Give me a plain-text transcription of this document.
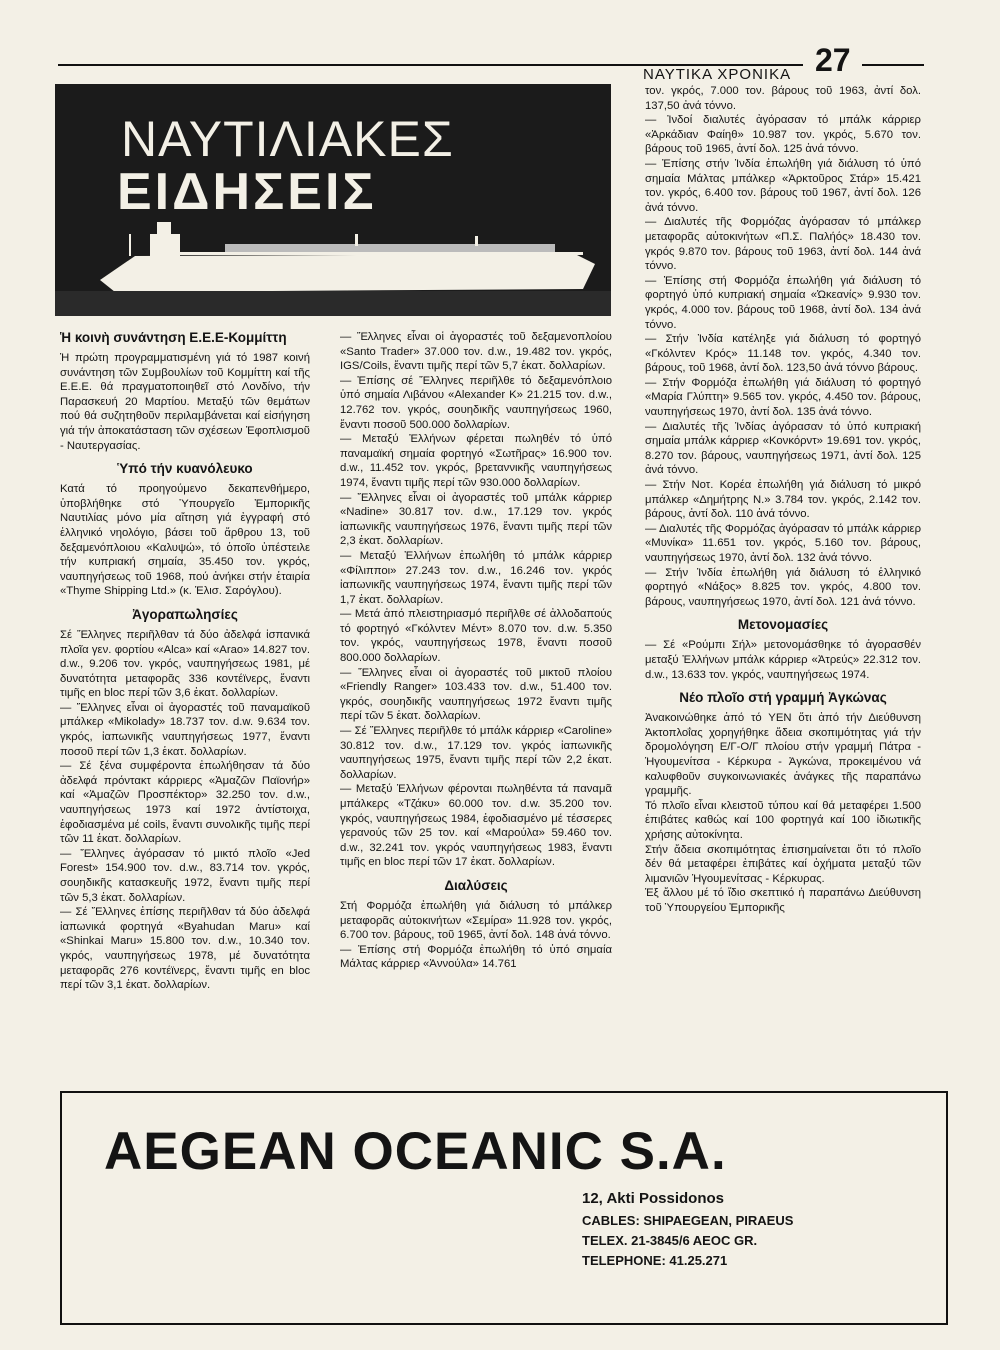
ΝΑΥΤΙΚΑ ΧΡΟΝΙΚΑ 27
ΝΑΥΤΙΛΙΑΚΕΣ
ΕΙΔΗΣΕΙΣ
Ἡ κοινὴ συνάντηση Ε.Ε.Ε-Κομμίττη

Ἡ πρώτη προγραμματισμένη γιά τό 1987 κοινή συνάντηση τῶν Συμβουλίων τοῦ Κομμίττη καί τῆς Ε.Ε.Ε. θά πραγματοποιηθεῖ στό Λονδίνο, τήν Παρασκευή 20 Μαρτίου. Μεταξύ τῶν θεμάτων πού θά συζητηθοῦν περιλαμβάνεται καί εἰσήγηση γιά τήν ἀποκατάσταση τῶν σχέσεων Ἐφοπλισμοῦ - Ναυτεργασίας.

Ὑπό τήν κυανόλευκο

Κατά τό προηγούμενο δεκαπενθήμερο, ὑποβλήθηκε στό Ὑπουργεῖο Ἐμπορικῆς Ναυτιλίας μόνο μία αἴτηση γιά ἐγγραφή στό ἑλληνικό νηολόγιο, βάσει τοῦ ἄρθρου 13, τοῦ δεξαμενόπλοιου «Καλυψώ», τό ὁποῖο ὑπέστειλε τήν κυπριακή σημαία, 35.450 τον. γκρός, ναυπηγήσεως τοῦ 1968, πού ἀνήκει στήν ἑταιρία «Thyme Shipping Ltd.» (κ. Ἐλισ. Σαρόγλου).

Ἀγοραπωλησίες

Σέ Ἕλληνες περιῆλθαν τά δύο ἀδελφά ἱσπανικά πλοῖα γεν. φορτίου «Alca» καί «Arao» 14.827 τον. d.w., 9.206 τον. γκρός, ναυπηγήσεως 1981, μέ δυνατότητα μεταφορᾶς 336 κοντέϊνερς, ἔναντι τιμῆς en bloc περί τῶν 3,6 ἑκατ. δολλαρίων.

— Ἕλληνες εἶναι οἱ ἀγοραστές τοῦ παναμαϊκοῦ μπάλκερ «Mikolady» 18.737 τον. d.w. 9.634 τον. γκρός, ἰαπωνικῆς ναυπηγήσεως 1977, ἔναντι ποσοῦ περί τῶν 1,3 ἑκατ. δολλαρίων.

— Σέ ξένα συμφέροντα ἐπωλήθησαν τά δύο ἀδελφά πρόντακτ κάρριερς «Ἀμαζῶν Παϊονήρ» καί «Ἀμαζῶν Προσπέκτορ» 32.250 τον. d.w., ναυπηγήσεως 1973 καί 1972 ἀντίστοιχα, ἐφοδιασμένα μέ coils, ἔναντι συνολικῆς τιμῆς περί τῶν 11 ἑκατ. δολλαρίων.

— Ἕλληνες ἀγόρασαν τό μικτό πλοῖο «Jed Forest» 154.900 τον. d.w., 83.714 τον. γκρός, σουηδικῆς κατασκευῆς 1972, ἔναντι τιμῆς περί τῶν 5,3 ἑκατ. δολλαρίων.

— Σέ Ἕλληνες ἐπίσης περιῆλθαν τά δύο ἀδελφά ἰαπωνικά φορτηγά «Byahudan Maru» καί «Shinkai Maru» 15.800 τον. d.w., 10.340 τον. γκρός, ναυπηγήσεως 1978, μέ δυνατότητα μεταφορᾶς 276 κοντέϊνερς, ἔναντι τιμῆς en bloc περί τῶν 3,1 ἑκατ. δολλαρίων.

— Ἕλληνες εἶναι οἱ ἀγοραστές τοῦ δεξαμενοπλοίου «Santo Trader» 37.000 τον. d.w., 19.482 τον. γκρός, IGS/Coils, ἔναντι τιμῆς περί τῶν 5,7 ἑκατ. δολλαρίων.

— Ἐπίσης σέ Ἕλληνες περιῆλθε τό δεξαμενόπλοιο ὑπό σημαία Λιβάνου «Alexander K» 21.215 τον. d.w., 12.762 τον. γκρός, σουηδικῆς ναυπηγήσεως 1960, ἔναντι ποσοῦ 500.000 δολλαρίων.

— Μεταξύ Ἑλλήνων φέρεται πωληθέν τό ὑπό παναμαϊκή σημαία φορτηγό «Σωτῆρας» 16.900 τον. d.w., 11.452 τον. γκρός, βρεταννικῆς ναυπηγήσεως 1974, ἔναντι τιμῆς περί τῶν 930.000 δολλαρίων.

— Ἕλληνες εἶναι οἱ ἀγοραστές τοῦ μπάλκ κάρριερ «Nadine» 30.817 τον. d.w., 17.129 τον. γκρός ἰαπωνικῆς ναυπηγήσεως 1976, ἔναντι τιμῆς περί τῶν 2,3 ἑκατ. δολλαρίων.

— Μεταξύ Ἑλλήνων ἐπωλήθη τό μπάλκ κάρριερ «Φίλιπποι» 27.243 τον. d.w., 16.246 τον. γκρός ἰαπωνικῆς ναυπηγήσεως 1974, ἔναντι τιμῆς περί τῶν 1,7 ἑκατ. δολλαρίων.

— Μετά ἀπό πλειστηριασμό περιῆλθε σέ ἀλλοδαπούς τό φορτηγό «Γκόλντεν Μέντ» 8.070 τον. d.w. 5.350 τον. γκρός, ναυπηγήσεως 1978, ἔναντι ποσοῦ 800.000 δολλαρίων.

— Ἕλληνες εἶναι οἱ ἀγοραστές τοῦ μικτοῦ πλοίου «Friendly Ranger» 103.433 τον. d.w., 51.400 τον. γκρός, σουηδικῆς ναυπηγήσεως 1972 ἔναντι τιμῆς περί τῶν 5 ἑκατ. δολλαρίων.

— Σέ Ἕλληνες περιῆλθε τό μπάλκ κάρριερ «Caroline» 30.812 τον. d.w., 17.129 τον. γκρός ἰαπωνικῆς ναυπηγήσεως 1975, ἔναντι τιμῆς περί τῶν 2,2 ἑκατ. δολλαρίων.

— Μεταξύ Ἑλλήνων φέρονται πωληθέντα τά παναμᾶ μπάλκερς «Τζάκυ» 60.000 τον. d.w. 35.200 τον. γκρός, ναυπηγήσεως 1984, ἐφοδιασμένο μέ τέσσερες γερανούς τῶν 25 τον. καί «Μαρούλα» 59.460 τον. d.w., 32.241 τον. γκρός ναυπηγήσεως 1983, ἔναντι τιμῆς en bloc περί τῶν 17 ἑκατ. δολλαρίων.

Διαλύσεις

Στή Φορμόζα ἐπωλήθη γιά διάλυση τό μπάλκερ μεταφορᾶς αὐτοκινήτων «Σεμίρα» 11.928 τον. γκρός, 6.700 τον. βάρους, τοῦ 1965, ἀντί δολ. 148 ἀνά τόννο.

— Ἐπίσης στή Φορμόζα ἐπωλήθη τό ὑπό σημαία Μάλτας κάρριερ «Ἀννούλα» 14.761

τον. γκρός, 7.000 τον. βάρους τοῦ 1963, ἀντί δολ. 137,50 ἀνά τόννο.

— Ἰνδοί διαλυτές ἀγόρασαν τό μπάλκ κάρριερ «Ἀρκάδιαν Φαίηθ» 10.987 τον. γκρός, 5.670 τον. βάρους τοῦ 1965, ἀντί δολ. 125 ἀνά τόννο.

— Ἐπίσης στήν Ἰνδία ἐπωλήθη γιά διάλυση τό ὑπό σημαία Μάλτας μπάλκερ «Ἀρκτοῦρος Στάρ» 15.421 τον. γκρός, 6.400 τον. βάρους τοῦ 1967, ἀντί δολ. 126 ἀνά τόννο.

— Διαλυτές τῆς Φορμόζας ἀγόρασαν τό μπάλκερ μεταφορᾶς αὐτοκινήτων «Π.Σ. Παλήός» 18.430 τον. γκρός 9.870 τον. βάρους τοῦ 1963, ἀντί δολ. 144 ἀνά τόννο.

— Ἐπίσης στή Φορμόζα ἐπωλήθη γιά διάλυση τό φορτηγό ὑπό κυπριακή σημαία «Ὠκεανίς» 9.930 τον. γκρός, 4.000 τον. βάρους τοῦ 1968, ἀντί δολ. 134 ἀνά τόννο.

— Στήν Ἰνδία κατέληξε γιά διάλυση τό φορτηγό «Γκόλντεν Κρός» 11.148 τον. γκρός, 4.340 τον. βάρους, τοῦ 1968, ἀντί δολ. 123,50 ἀνά τόννο βάρους.

— Στήν Φορμόζα ἐπωλήθη γιά διάλυση τό φορτηγό «Μαρία Γλύπτη» 9.565 τον. γκρός, 4.450 τον. βάρους, ναυπηγήσεως 1970, ἀντί δολ. 135 ἀνά τόννο.

— Διαλυτές τῆς Ἰνδίας ἀγόρασαν τό ὑπό κυπριακή σημαία μπάλκ κάρριερ «Κονκόρντ» 19.691 τον. γκρός, 8.270 τον. βάρους, ναυπηγήσεως 1971, ἀντί δολ. 125 ἀνά τόννο.

— Στήν Νοτ. Κορέα ἐπωλήθη γιά διάλυση τό μικρό μπάλκερ «Δημήτρης Ν.» 3.784 τον. γκρός, 2.142 τον. βάρους, ἀντί δολ. 110 ἀνά τόννο.

— Διαλυτές τῆς Φορμόζας ἀγόρασαν τό μπάλκ κάρριερ «Μυνίκα» 11.651 τον. γκρός, 5.160 τον. βάρους, ναυπηγήσεως 1970, ἀντί δολ. 132 ἀνά τόννο.

— Στήν Ἰνδία ἐπωλήθη γιά διάλυση τό ἑλληνικό φορτηγό «Νάξος» 8.825 τον. γκρός, 4.800 τον. βάρους, ναυπηγήσεως 1970, ἀντί δολ. 121 ἀνά τόννο.

Μετονομασίες

— Σέ «Ρούμπι Σήλ» μετονομάσθηκε τό ἀγορασθέν μεταξύ Ἑλλήνων μπάλκ κάρριερ «Ἀτρεύς» 22.312 τον. d.w., 13.633 τον. γκρός, ναυπηγήσεως 1974.

Νέο πλοῖο στή γραμμή Ἀγκώνας

Ἀνακοινώθηκε ἀπό τό ΥΕΝ ὅτι ἀπό τήν Διεύθυνση Ἀκτοπλοΐας χορηγήθηκε ἄδεια σκοπιμότητας γιά τήν δρομολόγηση Ε/Γ-Ο/Γ πλοίου στήν γραμμή Πάτρα - Ἡγουμενίτσα - Κέρκυρα - Ἀγκώνα, προκειμένου νά καλυφθοῦν συγκοινωνιακές ἀνάγκες τῆς παραπάνω γραμμῆς.

Τό πλοῖο εἶναι κλειστοῦ τύπου καί θά μεταφέρει 1.500 ἐπιβάτες καθώς καί 100 φορτηγά καί 100 ἰδιωτικῆς χρήσης αὐτοκίνητα.

Στήν ἄδεια σκοπιμότητας ἐπισημαίνεται ὅτι τό πλοῖο δέν θά μεταφέρει ἐπιβάτες καί ὀχήματα μεταξύ τῶν λιμανιῶν Ἡγουμενίτσας - Κέρκυρας.

Ἐξ ἄλλου μέ τό ἴδιο σκεπτικό ἡ παραπάνω Διεύθυνση τοῦ Ὑπουργείου Ἐμπορικῆς

AEGEAN OCEANIC S.A.
12, Akti Possidonos
CABLES: SHIPAEGEAN, PIRAEUS
TELEX. 21-3845/6 AEOC GR.
TELEPHONE: 41.25.271
